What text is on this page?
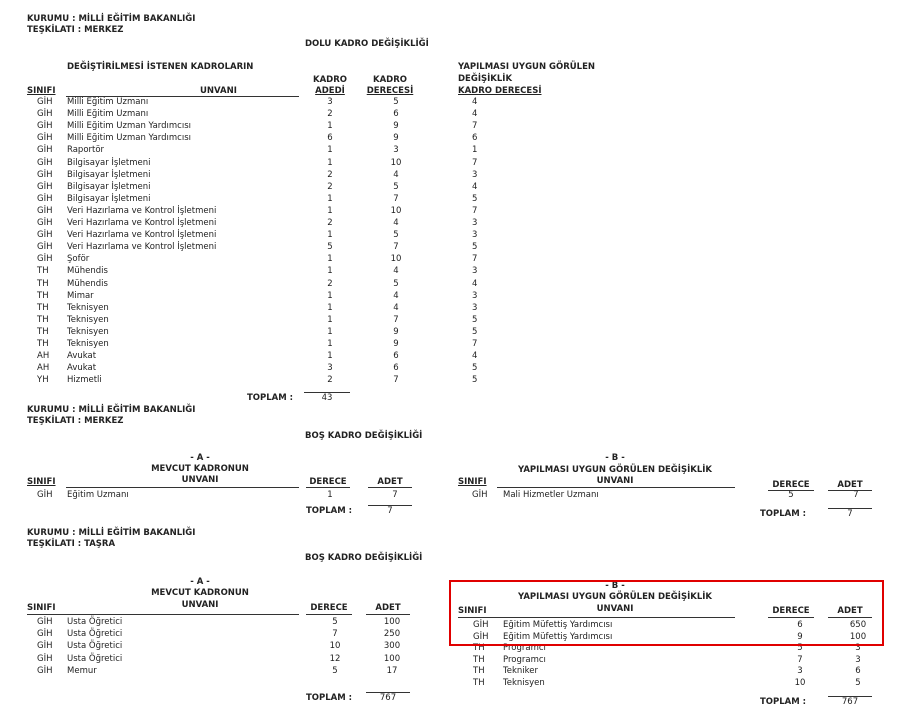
KURUMU : MİLLİ EĞİTİM BAKANLIĞI
TEŞKİLATI : MERKEZ
DOLU KADRO DEĞİŞİKLİĞİ
DEĞİŞTİRİLMESİ İSTENEN KADROLARIN
KADRO
ADEDİ
KADRO
DERECESİ
YAPILMASI UYGUN GÖRÜLEN
DEĞİŞİKLİK
KADRO DERECESİ
SINIFI	UNVANI
GİH Milli Eğitim Uzmanı	3	5	4
GİH Milli Eğitim Uzmanı	2	6	4
GİH Milli Eğitim Uzman Yardımcısı	1	9	7
GİH Milli Eğitim Uzman Yardımcısı	6	9	6
GİH Raportör	1	3	1
GİH Bilgisayar İşletmeni	1	10	7
GİH Bilgisayar İşletmeni	2	4	3
GİH Bilgisayar İşletmeni	2	5	4
GİH Bilgisayar İşletmeni	1	7	5
GİH Veri Hazırlama ve Kontrol İşletmeni	1	10	7
GİH Veri Hazırlama ve Kontrol İşletmeni	2	4	3
GİH Veri Hazırlama ve Kontrol İşletmeni	1	5	3
GİH Veri Hazırlama ve Kontrol İşletmeni	5	7	5
GİH Şoför	1	10	7
TH Mühendis	1	4	3
TH Mühendis	2	5	4
TH Mimar	1	4	3
TH Teknisyen	1	4	3
TH Teknisyen	1	7	5
TH Teknisyen	1	9	5
TH Teknisyen	1	9	7
AH Avukat	1	6	4
AH Avukat	3	6	5
YH Hizmetli	2	7	5
TOPLAM :	43
KURUMU : MİLLİ EĞİTİM BAKANLIĞI
TEŞKİLATI : MERKEZ
BOŞ KADRO DEĞİŞİKLİĞİ
- A -
MEVCUT KADRONUN
UNVANI
SINIFI	DERECE	ADET
- B -
YAPILMASI UYGUN GÖRÜLEN DEĞİŞİKLİK
UNVANI
SINIFI	DERECE	ADET
GİH Eğitim Uzmanı	1	7	GİH Mali Hizmetler Uzmanı	5	7
TOPLAM :	7	TOPLAM :	7
KURUMU : MİLLİ EĞİTİM BAKANLIĞI
TEŞKİLATI : TAŞRA
BOŞ KADRO DEĞİŞİKLİĞİ
- A -
MEVCUT KADRONUN
UNVANI
SINIFI	DERECE	ADET
- B -
YAPILMASI UYGUN GÖRÜLEN DEĞİŞİKLİK
UNVANI
SINIFI	DERECE	ADET
GİH Usta Öğretici	5	100
GİH Usta Öğretici	7	250
GİH Usta Öğretici	10	300
GİH Usta Öğretici	12	100
GİH Memur	5	17
GİH Eğitim Müfettiş Yardımcısı	6	650
GİH Eğitim Müfettiş Yardımcısı	9	100
TH Programcı	5	3
TH Programcı	7	3
TH Tekniker	3	6
TH Teknisyen	10	5
TOPLAM :	767	TOPLAM :	767
